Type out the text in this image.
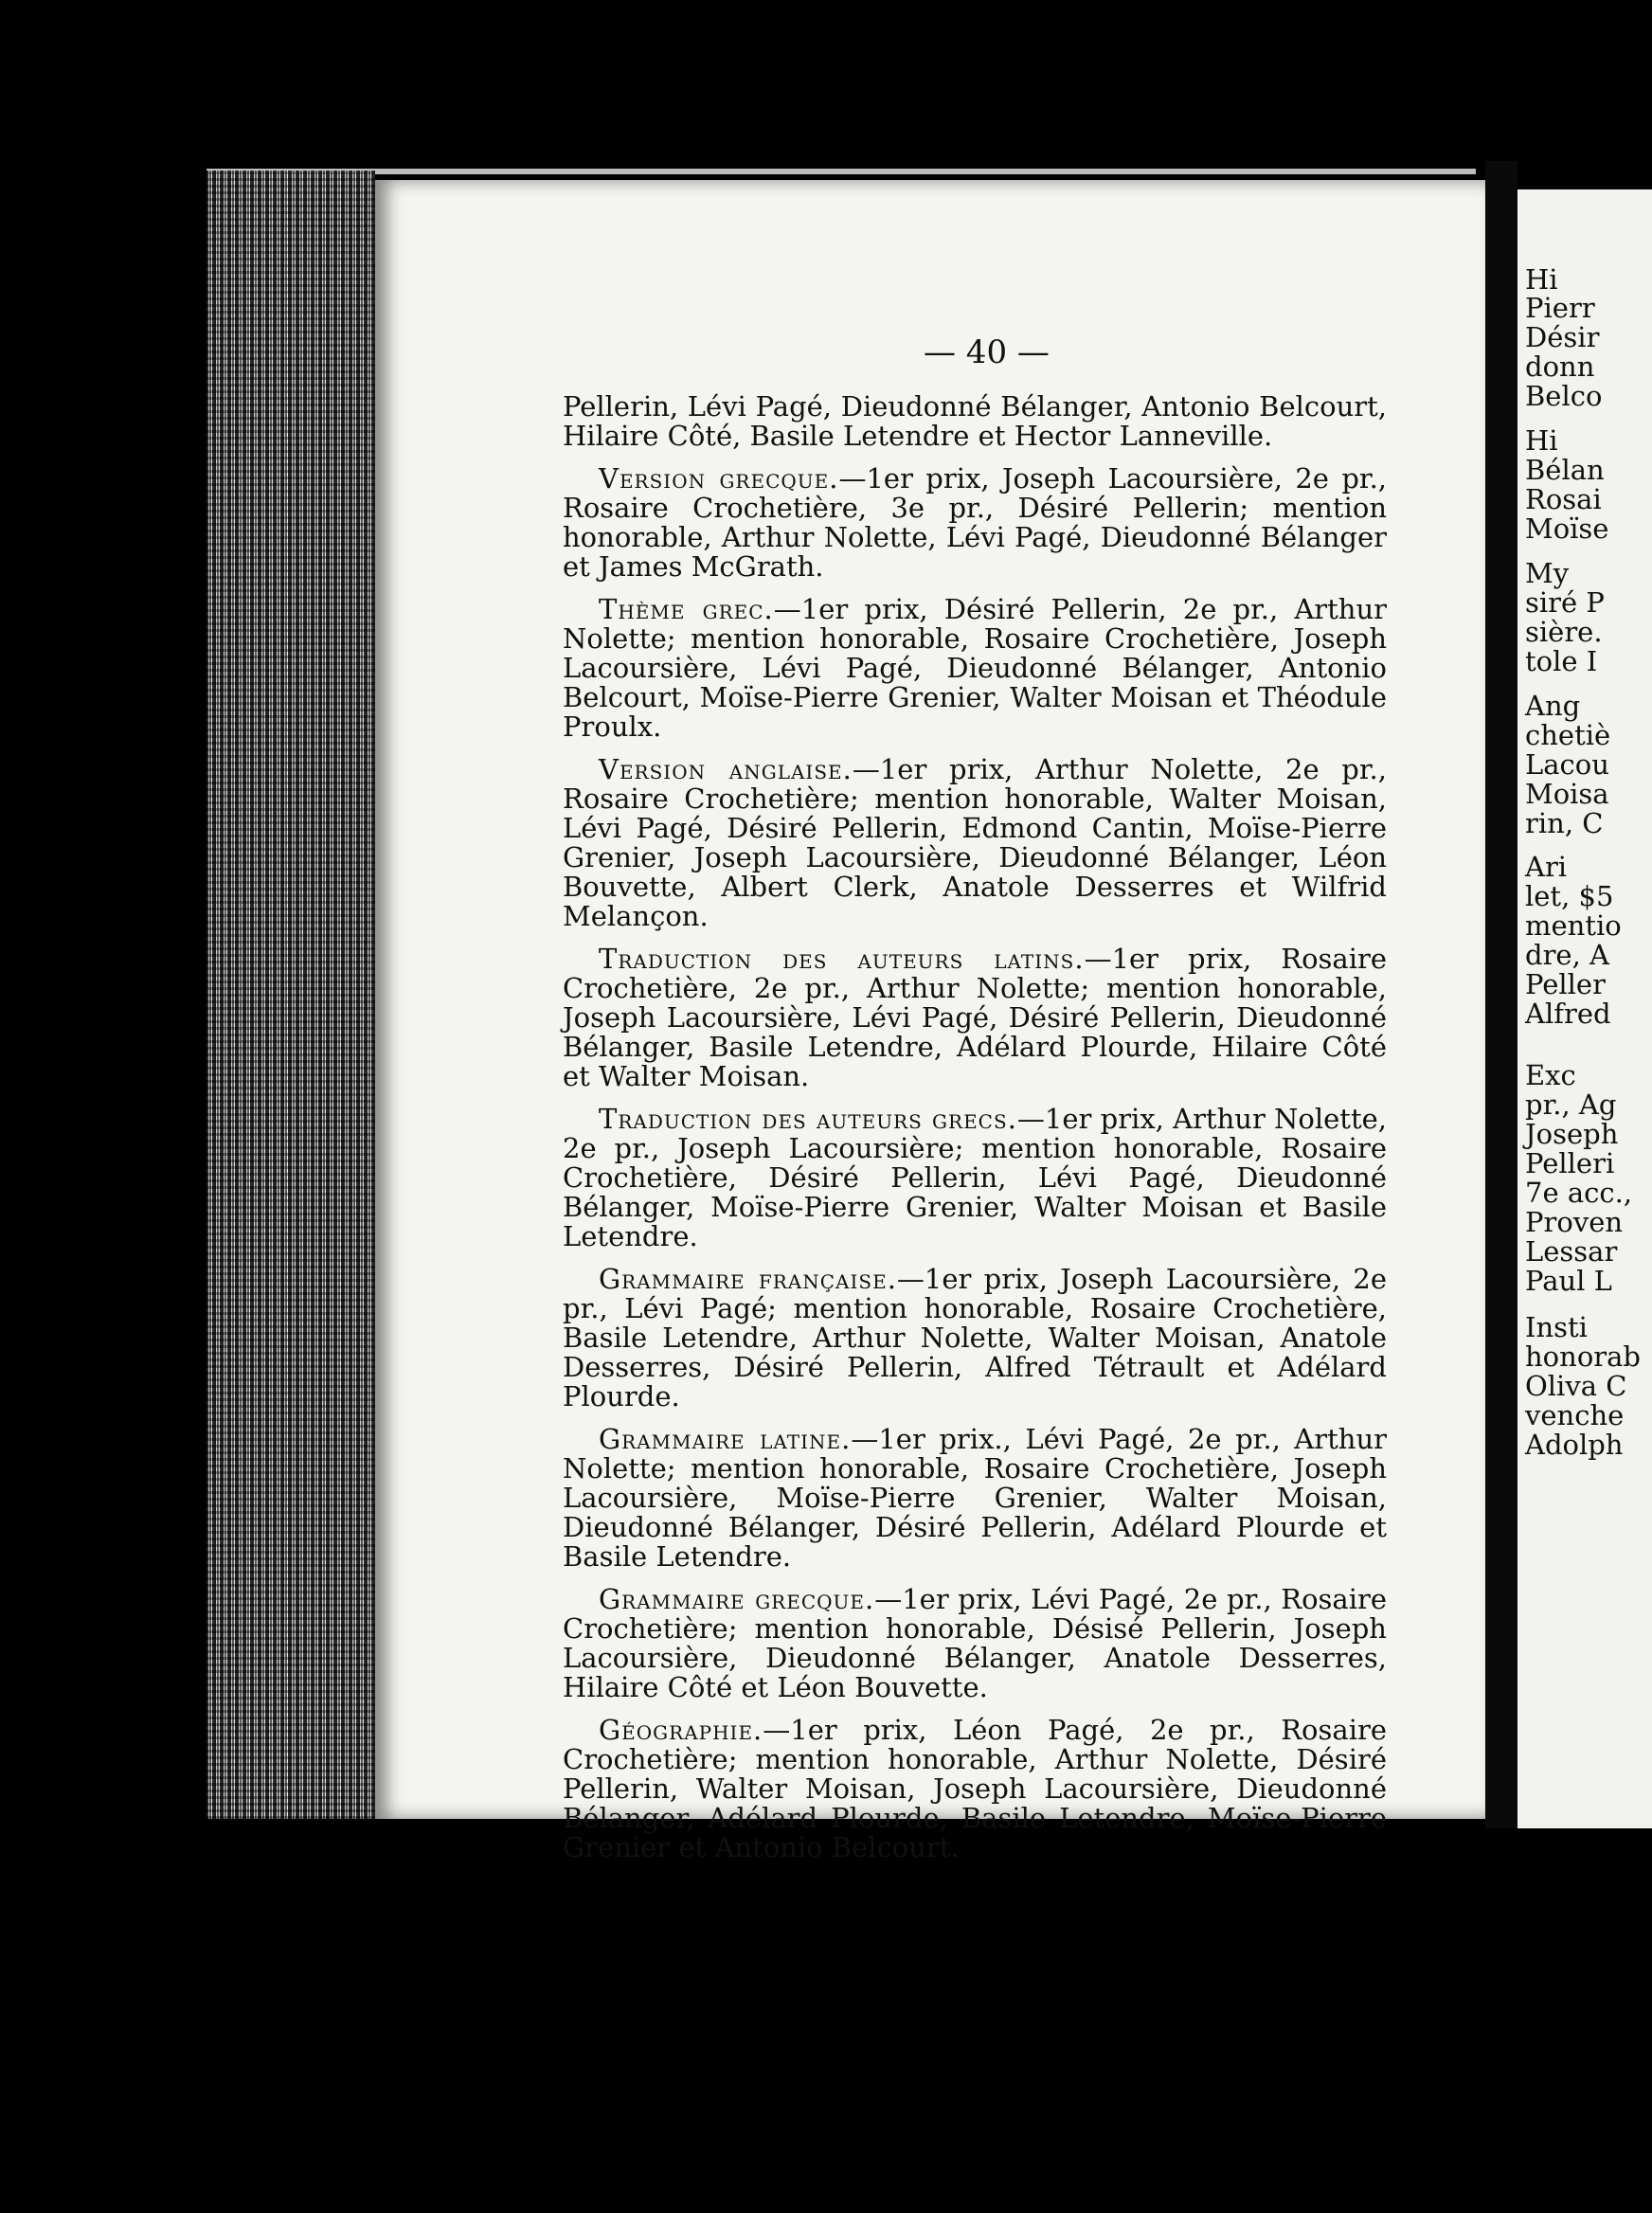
Hi
Pierr
Désir
donn
Belco
Hi
Bélan
Rosai
Moïse
My
siré P
sière.
tole I
Ang
chetiè
Lacou
Moisa
rin, C
Ari
let, $5
mentio
dre, A
Peller
Alfred
Exc
pr., Ag
Joseph
Pelleri
7e acc.,
Proven
Lessar
Paul L
Insti
honorab
Oliva C
venche
Adolph
— 40 —

Pellerin, Lévi Pagé, Dieudonné Bélanger, Antonio Belcourt, Hilaire Côté, Basile Letendre et Hector Lanneville.

Version grecque.—1er prix, Joseph Lacoursière, 2e pr., Rosaire Crochetière, 3e pr., Désiré Pellerin; mention honorable, Arthur Nolette, Lévi Pagé, Dieudonné Bélanger et James McGrath.

Thème grec.—1er prix, Désiré Pellerin, 2e pr., Arthur Nolette; mention honorable, Rosaire Crochetière, Joseph Lacoursière, Lévi Pagé, Dieudonné Bélanger, Antonio Belcourt, Moïse-Pierre Grenier, Walter Moisan et Théodule Proulx.

Version anglaise.—1er prix, Arthur Nolette, 2e pr., Rosaire Crochetière; mention honorable, Walter Moisan, Lévi Pagé, Désiré Pellerin, Edmond Cantin, Moïse-Pierre Grenier, Joseph Lacoursière, Dieudonné Bélanger, Léon Bouvette, Albert Clerk, Anatole Desserres et Wilfrid Melançon.

Traduction des auteurs latins.—1er prix, Rosaire Crochetière, 2e pr., Arthur Nolette; mention honorable, Joseph Lacoursière, Lévi Pagé, Désiré Pellerin, Dieudonné Bélanger, Basile Letendre, Adélard Plourde, Hilaire Côté et Walter Moisan.

Traduction des auteurs grecs.—1er prix, Arthur Nolette, 2e pr., Joseph Lacoursière; mention honorable, Rosaire Crochetière, Désiré Pellerin, Lévi Pagé, Dieudonné Bélanger, Moïse-Pierre Grenier, Walter Moisan et Basile Letendre.

Grammaire française.—1er prix, Joseph Lacoursière, 2e pr., Lévi Pagé; mention honorable, Rosaire Crochetière, Basile Letendre, Arthur Nolette, Walter Moisan, Anatole Desserres, Désiré Pellerin, Alfred Tétrault et Adélard Plourde.

Grammaire latine.—1er prix., Lévi Pagé, 2e pr., Arthur Nolette; mention honorable, Rosaire Crochetière, Joseph Lacoursière, Moïse-Pierre Grenier, Walter Moisan, Dieudonné Bélanger, Désiré Pellerin, Adélard Plourde et Basile Letendre.

Grammaire grecque.—1er prix, Lévi Pagé, 2e pr., Rosaire Crochetière; mention honorable, Désisé Pellerin, Joseph Lacoursière, Dieudonné Bélanger, Anatole Desserres, Hilaire Côté et Léon Bouvette.

Géographie.—1er prix, Léon Pagé, 2e pr., Rosaire Crochetière; mention honorable, Arthur Nolette, Désiré Pellerin, Walter Moisan, Joseph Lacoursière, Dieudonné Bélanger, Adélard Plourde, Basile Letendre, Moïse-Pierre Grenier et Antonio Belcourt.
